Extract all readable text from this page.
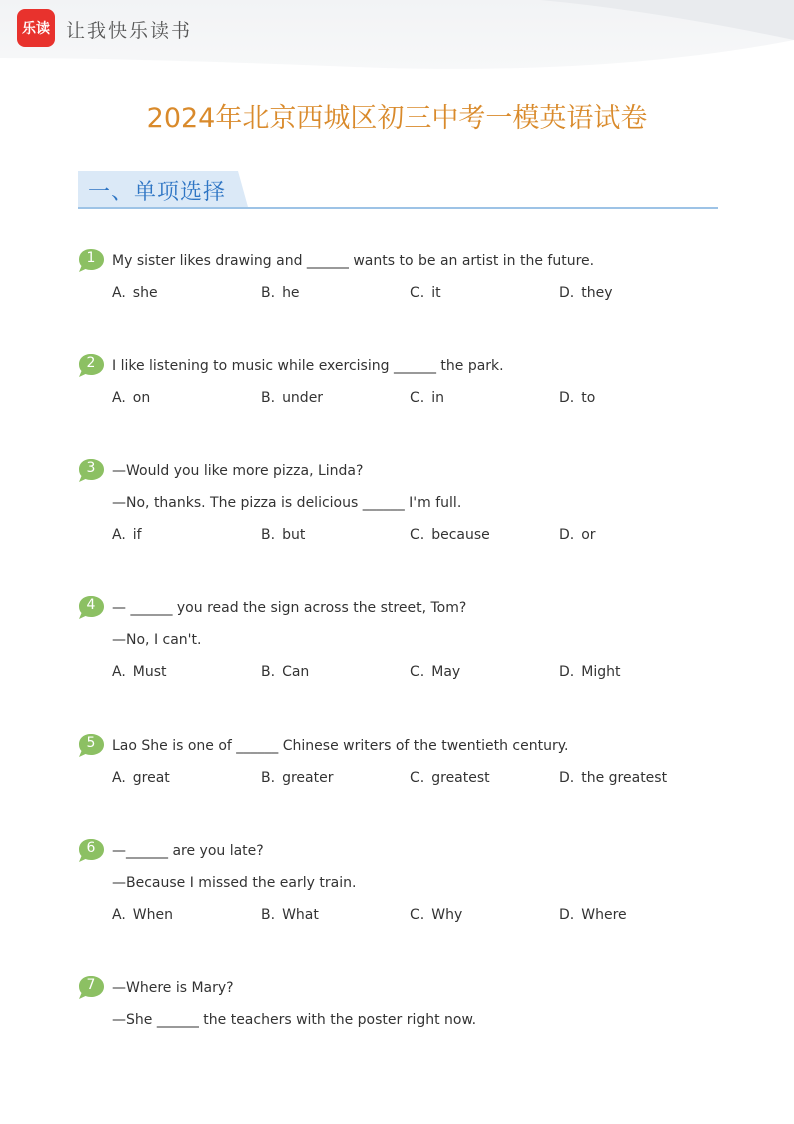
乐读 让我快乐读书
2024年北京西城区初三中考一模英语试卷
一、单项选择
1	My sister likes drawing and ______ wants to be an artist in the future.
A. she	B. he	C. it	D. they
2	I like listening to music while exercising ______ the park.
A. on	B. under	C. in	D. to
3	—Would you like more pizza, Linda?
—No, thanks. The pizza is delicious ______ I'm full.
A. if	B. but	C. because	D. or
4	— ______ you read the sign across the street, Tom?
—No, I can't.
A. Must	B. Can	C. May	D. Might
5	Lao She is one of ______ Chinese writers of the twentieth century.
A. great	B. greater	C. greatest	D. the greatest
6	—______ are you late?
—Because I missed the early train.
A. When	B. What	C. Why	D. Where
7	—Where is Mary?
—She ______ the teachers with the poster right now.
